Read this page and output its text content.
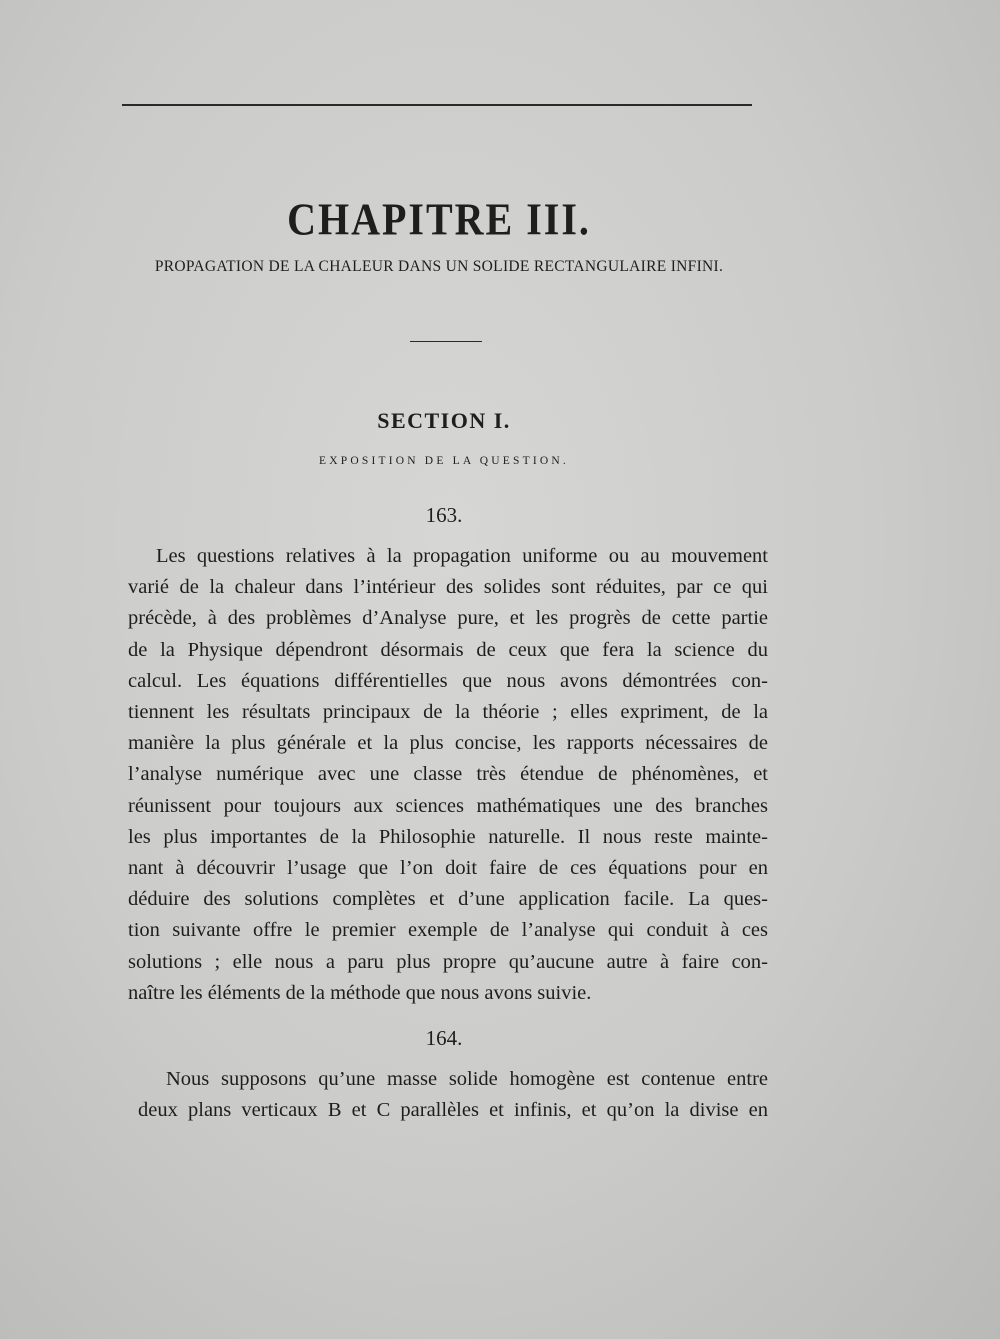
CHAPITRE III.

PROPAGATION DE LA CHALEUR DANS UN SOLIDE RECTANGULAIRE INFINI.

SECTION I.

EXPOSITION DE LA QUESTION.

163.

Les questions relatives à la propagation uniforme ou au mouvement
varié de la chaleur dans l’intérieur des solides sont réduites, par ce qui
précède, à des problèmes d’Analyse pure, et les progrès de cette partie
de la Physique dépendront désormais de ceux que fera la science du
calcul. Les équations différentielles que nous avons démontrées con-
tiennent les résultats principaux de la théorie ; elles expriment, de la
manière la plus générale et la plus concise, les rapports nécessaires de
l’analyse numérique avec une classe très étendue de phénomènes, et
réunissent pour toujours aux sciences mathématiques une des branches
les plus importantes de la Philosophie naturelle. Il nous reste mainte-
nant à découvrir l’usage que l’on doit faire de ces équations pour en
déduire des solutions complètes et d’une application facile. La ques-
tion suivante offre le premier exemple de l’analyse qui conduit à ces
solutions ; elle nous a paru plus propre qu’aucune autre à faire con-
naître les éléments de la méthode que nous avons suivie.

164.

Nous supposons qu’une masse solide homogène est contenue entre
deux plans verticaux B et C parallèles et infinis, et qu’on la divise en
